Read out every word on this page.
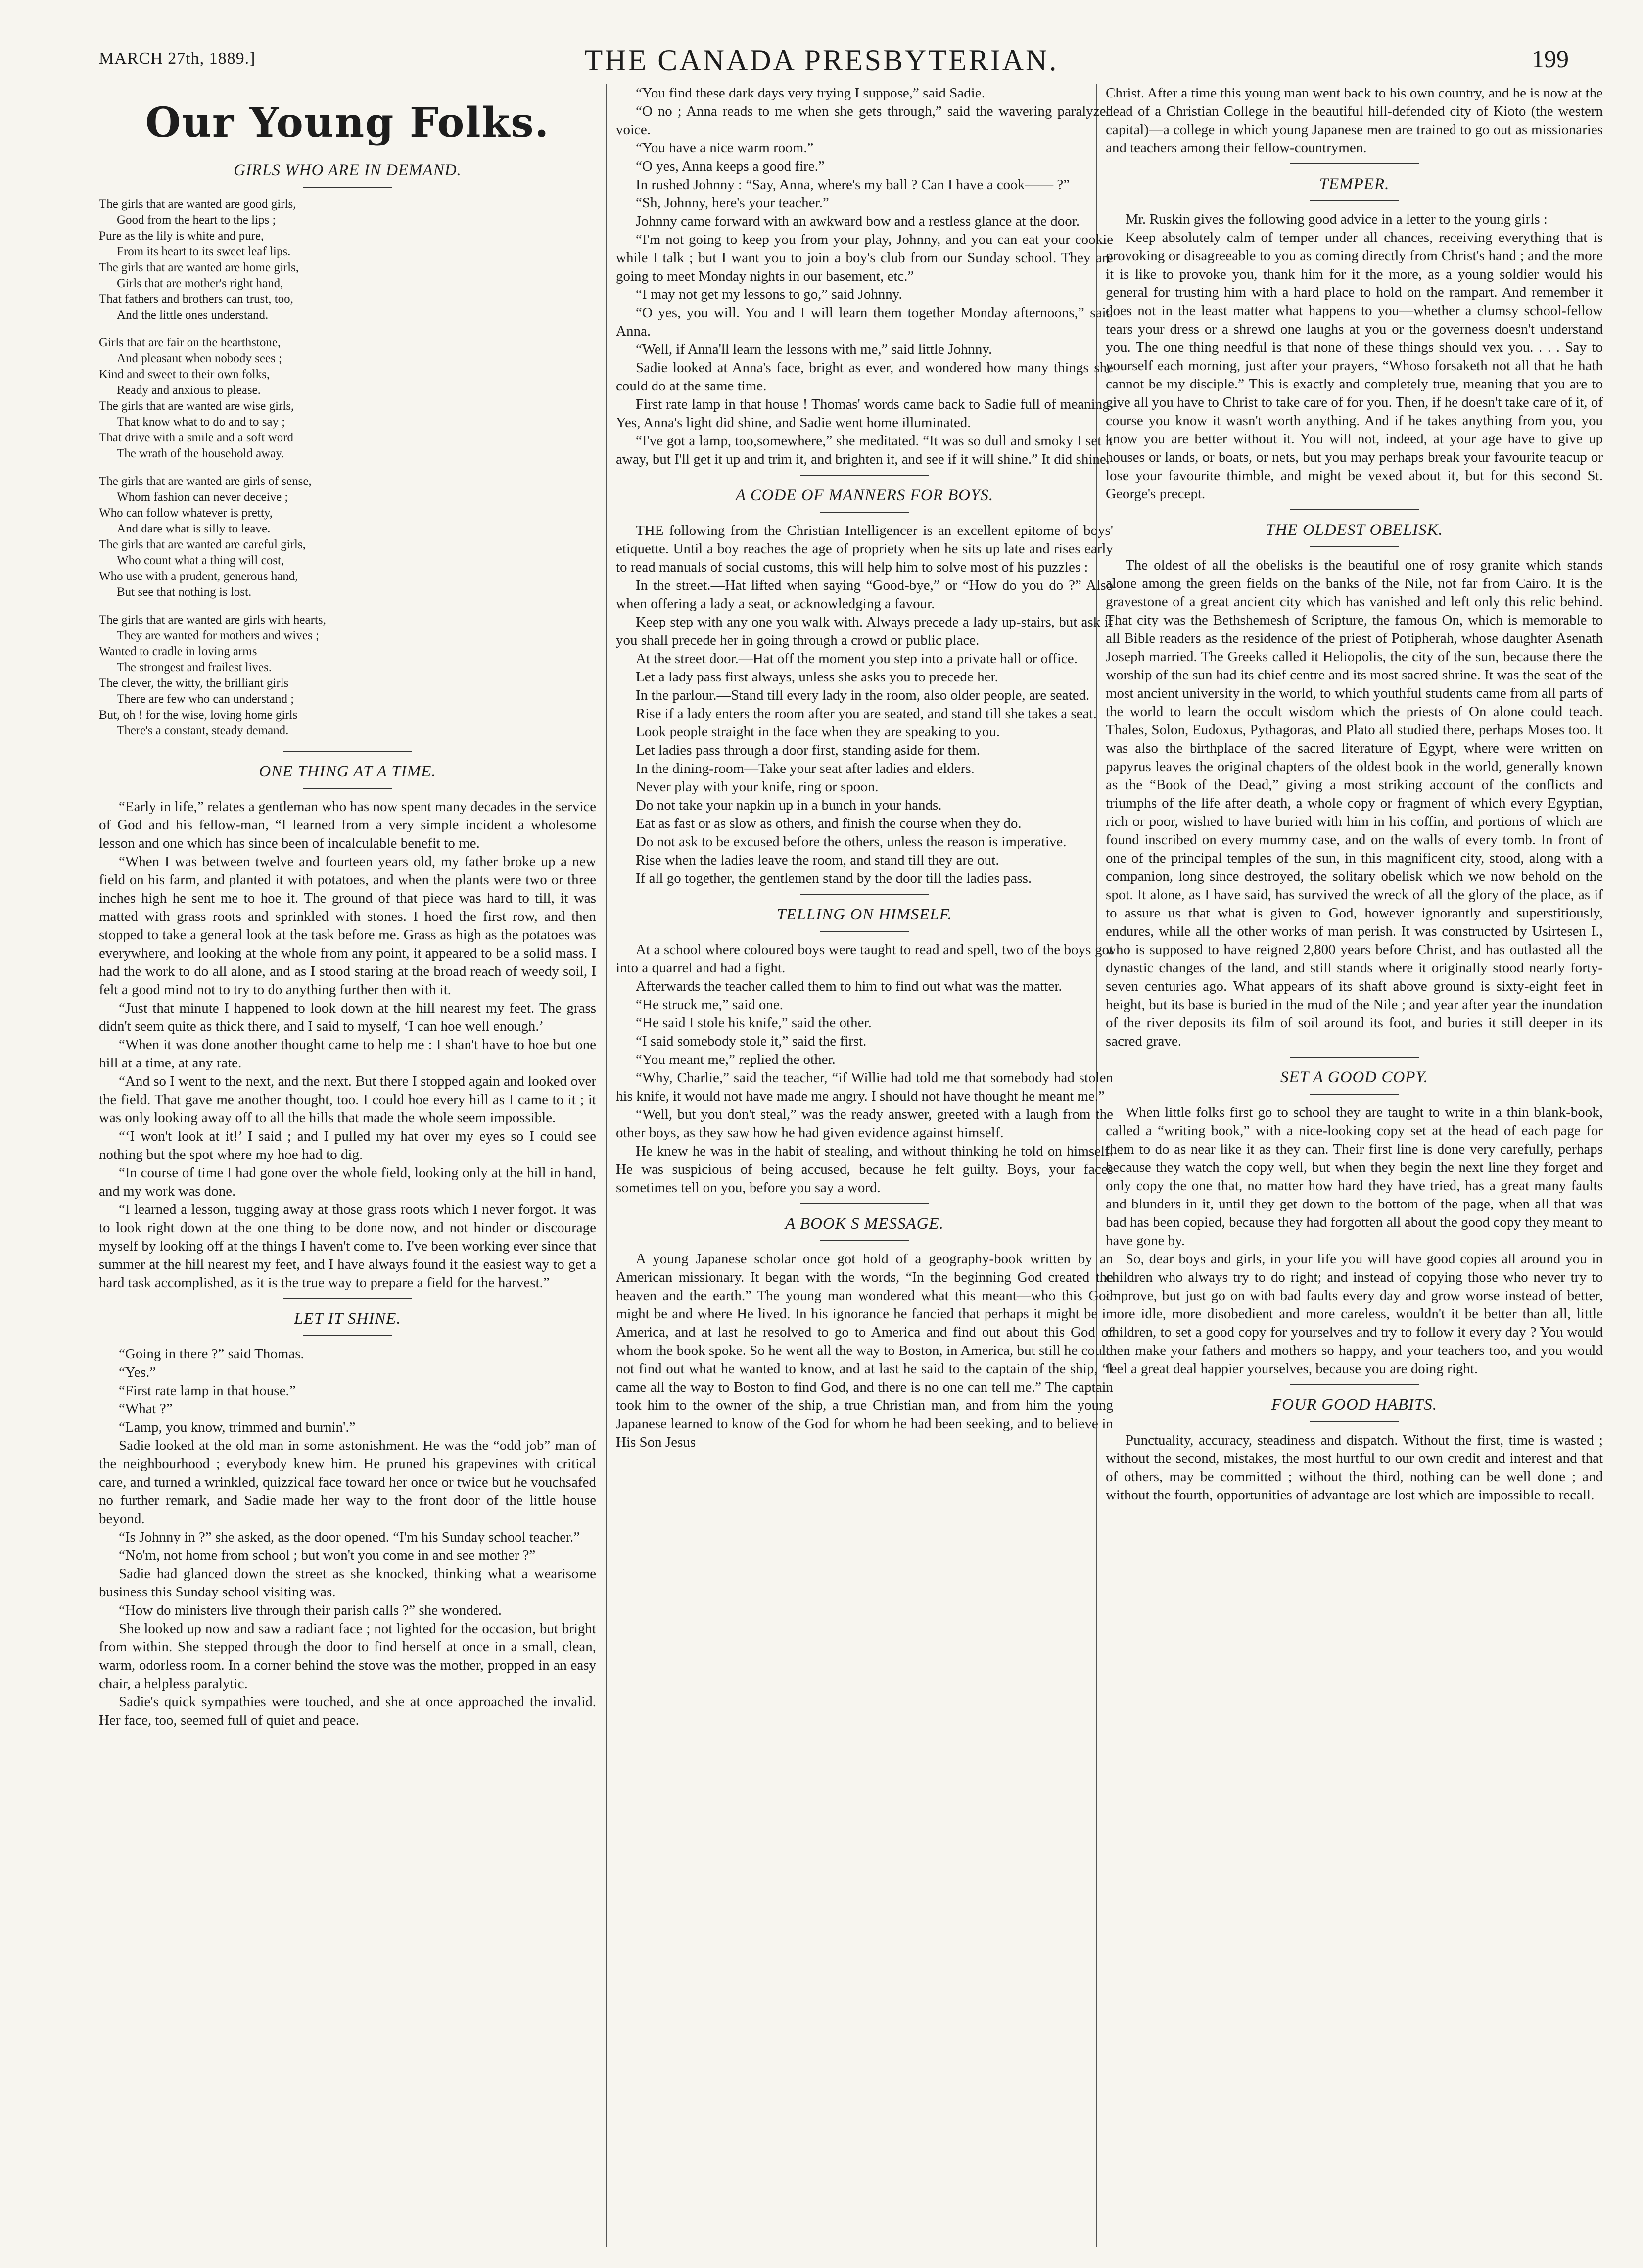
MARCH 27th, 1889.]	THE CANADA PRESBYTERIAN.	199
Our Young Folks.
GIRLS WHO ARE IN DEMAND.
The girls that are wanted are good girls,
Good from the heart to the lips ;
Pure as the lily is white and pure,
From its heart to its sweet leaf lips.
The girls that are wanted are home girls,
Girls that are mother's right hand,
That fathers and brothers can trust, too,
And the little ones understand.
Girls that are fair on the hearthstone,
And pleasant when nobody sees ;
Kind and sweet to their own folks,
Ready and anxious to please.
The girls that are wanted are wise girls,
That know what to do and to say ;
That drive with a smile and a soft word
The wrath of the household away.
The girls that are wanted are girls of sense,
Whom fashion can never deceive ;
Who can follow whatever is pretty,
And dare what is silly to leave.
The girls that are wanted are careful girls,
Who count what a thing will cost,
Who use with a prudent, generous hand,
But see that nothing is lost.
The girls that are wanted are girls with hearts,
They are wanted for mothers and wives ;
Wanted to cradle in loving arms
The strongest and frailest lives.
The clever, the witty, the brilliant girls
There are few who can understand ;
But, oh ! for the wise, loving home girls
There's a constant, steady demand.
ONE THING AT A TIME.

“Early in life,” relates a gentleman who has now spent many decades in the service of God and his fellow-man, “I learned from a very simple incident a wholesome lesson and one which has since been of incalculable benefit to me.

“When I was between twelve and fourteen years old, my father broke up a new field on his farm, and planted it with potatoes, and when the plants were two or three inches high he sent me to hoe it. The ground of that piece was hard to till, it was matted with grass roots and sprinkled with stones. I hoed the first row, and then stopped to take a general look at the task before me. Grass as high as the potatoes was everywhere, and looking at the whole from any point, it appeared to be a solid mass. I had the work to do all alone, and as I stood staring at the broad reach of weedy soil, I felt a good mind not to try to do anything further then with it.

“Just that minute I happened to look down at the hill nearest my feet. The grass didn't seem quite as thick there, and I said to myself, ‘I can hoe well enough.’

“When it was done another thought came to help me : I shan't have to hoe but one hill at a time, at any rate.

“And so I went to the next, and the next. But there I stopped again and looked over the field. That gave me another thought, too. I could hoe every hill as I came to it ; it was only looking away off to all the hills that made the whole seem impossible.

“‘I won't look at it!’ I said ; and I pulled my hat over my eyes so I could see nothing but the spot where my hoe had to dig.

“In course of time I had gone over the whole field, looking only at the hill in hand, and my work was done.

“I learned a lesson, tugging away at those grass roots which I never forgot. It was to look right down at the one thing to be done now, and not hinder or discourage myself by looking off at the things I haven't come to. I've been working ever since that summer at the hill nearest my feet, and I have always found it the easiest way to get a hard task accomplished, as it is the true way to prepare a field for the harvest.”

LET IT SHINE.

“Going in there ?” said Thomas.

“Yes.”

“First rate lamp in that house.”

“What ?”

“Lamp, you know, trimmed and burnin'.”

Sadie looked at the old man in some astonishment. He was the “odd job” man of the neighbourhood ; everybody knew him. He pruned his grapevines with critical care, and turned a wrinkled, quizzical face toward her once or twice but he vouchsafed no further remark, and Sadie made her way to the front door of the little house beyond.

“Is Johnny in ?” she asked, as the door opened. “I'm his Sunday school teacher.”

“No'm, not home from school ; but won't you come in and see mother ?”

Sadie had glanced down the street as she knocked, thinking what a wearisome business this Sunday school visiting was.

“How do ministers live through their parish calls ?” she wondered.

She looked up now and saw a radiant face ; not lighted for the occasion, but bright from within. She stepped through the door to find herself at once in a small, clean, warm, odorless room. In a corner behind the stove was the mother, propped in an easy chair, a helpless paralytic.

Sadie's quick sympathies were touched, and she at once approached the invalid. Her face, too, seemed full of quiet and peace.

“You find these dark days very trying I suppose,” said Sadie.

“O no ; Anna reads to me when she gets through,” said the wavering paralyzed voice.

“You have a nice warm room.”

“O yes, Anna keeps a good fire.”

In rushed Johnny : “Say, Anna, where's my ball ? Can I have a cook—— ?”

“Sh, Johnny, here's your teacher.”

Johnny came forward with an awkward bow and a restless glance at the door.

“I'm not going to keep you from your play, Johnny, and you can eat your cookie while I talk ; but I want you to join a boy's club from our Sunday school. They are going to meet Monday nights in our basement, etc.”

“I may not get my lessons to go,” said Johnny.

“O yes, you will. You and I will learn them together Monday afternoons,” said Anna.

“Well, if Anna'll learn the lessons with me,” said little Johnny.

Sadie looked at Anna's face, bright as ever, and wondered how many things she could do at the same time.

First rate lamp in that house ! Thomas' words came back to Sadie full of meaning. Yes, Anna's light did shine, and Sadie went home illuminated.

“I've got a lamp, too,somewhere,” she meditated. “It was so dull and smoky I set it away, but I'll get it up and trim it, and brighten it, and see if it will shine.” It did shine.

A CODE OF MANNERS FOR BOYS.

THE following from the Christian Intelligencer is an excellent epitome of boys' etiquette. Until a boy reaches the age of propriety when he sits up late and rises early to read manuals of social customs, this will help him to solve most of his puzzles :

In the street.—Hat lifted when saying “Good-bye,” or “How do you do ?” Also when offering a lady a seat, or acknowledging a favour.

Keep step with any one you walk with. Always precede a lady up-stairs, but ask if you shall precede her in going through a crowd or public place.

At the street door.—Hat off the moment you step into a private hall or office.

Let a lady pass first always, unless she asks you to precede her.

In the parlour.—Stand till every lady in the room, also older people, are seated.

Rise if a lady enters the room after you are seated, and stand till she takes a seat.

Look people straight in the face when they are speaking to you.

Let ladies pass through a door first, standing aside for them.

In the dining-room—Take your seat after ladies and elders.

Never play with your knife, ring or spoon.

Do not take your napkin up in a bunch in your hands.

Eat as fast or as slow as others, and finish the course when they do.

Do not ask to be excused before the others, unless the reason is imperative.

Rise when the ladies leave the room, and stand till they are out.

If all go together, the gentlemen stand by the door till the ladies pass.

TELLING ON HIMSELF.

At a school where coloured boys were taught to read and spell, two of the boys got into a quarrel and had a fight.

Afterwards the teacher called them to him to find out what was the matter.

“He struck me,” said one.

“He said I stole his knife,” said the other.

“I said somebody stole it,” said the first.

“You meant me,” replied the other.

“Why, Charlie,” said the teacher, “if Willie had told me that somebody had stolen his knife, it would not have made me angry. I should not have thought he meant me.”

“Well, but you don't steal,” was the ready answer, greeted with a laugh from the other boys, as they saw how he had given evidence against himself.

He knew he was in the habit of stealing, and without thinking he told on himself. He was suspicious of being accused, because he felt guilty. Boys, your faces sometimes tell on you, before you say a word.

A BOOK S MESSAGE.

A young Japanese scholar once got hold of a geography-book written by an American missionary. It began with the words, “In the beginning God created the heaven and the earth.” The young man wondered what this meant—who this God might be and where He lived. In his ignorance he fancied that perhaps it might be in America, and at last he resolved to go to America and find out about this God of whom the book spoke. So he went all the way to Boston, in America, but still he could not find out what he wanted to know, and at last he said to the captain of the ship, “I came all the way to Boston to find God, and there is no one can tell me.” The captain took him to the owner of the ship, a true Christian man, and from him the young Japanese learned to know of the God for whom he had been seeking, and to believe in His Son Jesus

Christ. After a time this young man went back to his own country, and he is now at the head of a Christian College in the beautiful hill-defended city of Kioto (the western capital)—a college in which young Japanese men are trained to go out as missionaries and teachers among their fellow-countrymen.

TEMPER.

Mr. Ruskin gives the following good advice in a letter to the young girls :

Keep absolutely calm of temper under all chances, receiving everything that is provoking or disagreeable to you as coming directly from Christ's hand ; and the more it is like to provoke you, thank him for it the more, as a young soldier would his general for trusting him with a hard place to hold on the rampart. And remember it does not in the least matter what happens to you—whether a clumsy school-fellow tears your dress or a shrewd one laughs at you or the governess doesn't understand you. The one thing needful is that none of these things should vex you. . . . Say to yourself each morning, just after your prayers, “Whoso forsaketh not all that he hath cannot be my disciple.” This is exactly and completely true, meaning that you are to give all you have to Christ to take care of for you. Then, if he doesn't take care of it, of course you know it wasn't worth anything. And if he takes anything from you, you know you are better without it. You will not, indeed, at your age have to give up houses or lands, or boats, or nets, but you may perhaps break your favourite teacup or lose your favourite thimble, and might be vexed about it, but for this second St. George's precept.

THE OLDEST OBELISK.

The oldest of all the obelisks is the beautiful one of rosy granite which stands alone among the green fields on the banks of the Nile, not far from Cairo. It is the gravestone of a great ancient city which has vanished and left only this relic behind. That city was the Bethshemesh of Scripture, the famous On, which is memorable to all Bible readers as the residence of the priest of Potipherah, whose daughter Asenath Joseph married. The Greeks called it Heliopolis, the city of the sun, because there the worship of the sun had its chief centre and its most sacred shrine. It was the seat of the most ancient university in the world, to which youthful students came from all parts of the world to learn the occult wisdom which the priests of On alone could teach. Thales, Solon, Eudoxus, Pythagoras, and Plato all studied there, perhaps Moses too. It was also the birthplace of the sacred literature of Egypt, where were written on papyrus leaves the original chapters of the oldest book in the world, generally known as the “Book of the Dead,” giving a most striking account of the conflicts and triumphs of the life after death, a whole copy or fragment of which every Egyptian, rich or poor, wished to have buried with him in his coffin, and portions of which are found inscribed on every mummy case, and on the walls of every tomb. In front of one of the principal temples of the sun, in this magnificent city, stood, along with a companion, long since destroyed, the solitary obelisk which we now behold on the spot. It alone, as I have said, has survived the wreck of all the glory of the place, as if to assure us that what is given to God, however ignorantly and superstitiously, endures, while all the other works of man perish. It was constructed by Usirtesen I., who is supposed to have reigned 2,800 years before Christ, and has outlasted all the dynastic changes of the land, and still stands where it originally stood nearly forty-seven centuries ago. What appears of its shaft above ground is sixty-eight feet in height, but its base is buried in the mud of the Nile ; and year after year the inundation of the river deposits its film of soil around its foot, and buries it still deeper in its sacred grave.

SET A GOOD COPY.

When little folks first go to school they are taught to write in a thin blank-book, called a “writing book,” with a nice-looking copy set at the head of each page for them to do as near like it as they can. Their first line is done very carefully, perhaps because they watch the copy well, but when they begin the next line they forget and only copy the one that, no matter how hard they have tried, has a great many faults and blunders in it, until they get down to the bottom of the page, when all that was bad has been copied, because they had forgotten all about the good copy they meant to have gone by.

So, dear boys and girls, in your life you will have good copies all around you in children who always try to do right; and instead of copying those who never try to improve, but just go on with bad faults every day and grow worse instead of better, more idle, more disobedient and more careless, wouldn't it be better than all, little children, to set a good copy for yourselves and try to follow it every day ? You would then make your fathers and mothers so happy, and your teachers too, and you would feel a great deal happier yourselves, because you are doing right.

FOUR GOOD HABITS.

Punctuality, accuracy, steadiness and dispatch. Without the first, time is wasted ; without the second, mistakes, the most hurtful to our own credit and interest and that of others, may be committed ; without the third, nothing can be well done ; and without the fourth, opportunities of advantage are lost which are impossible to recall.
